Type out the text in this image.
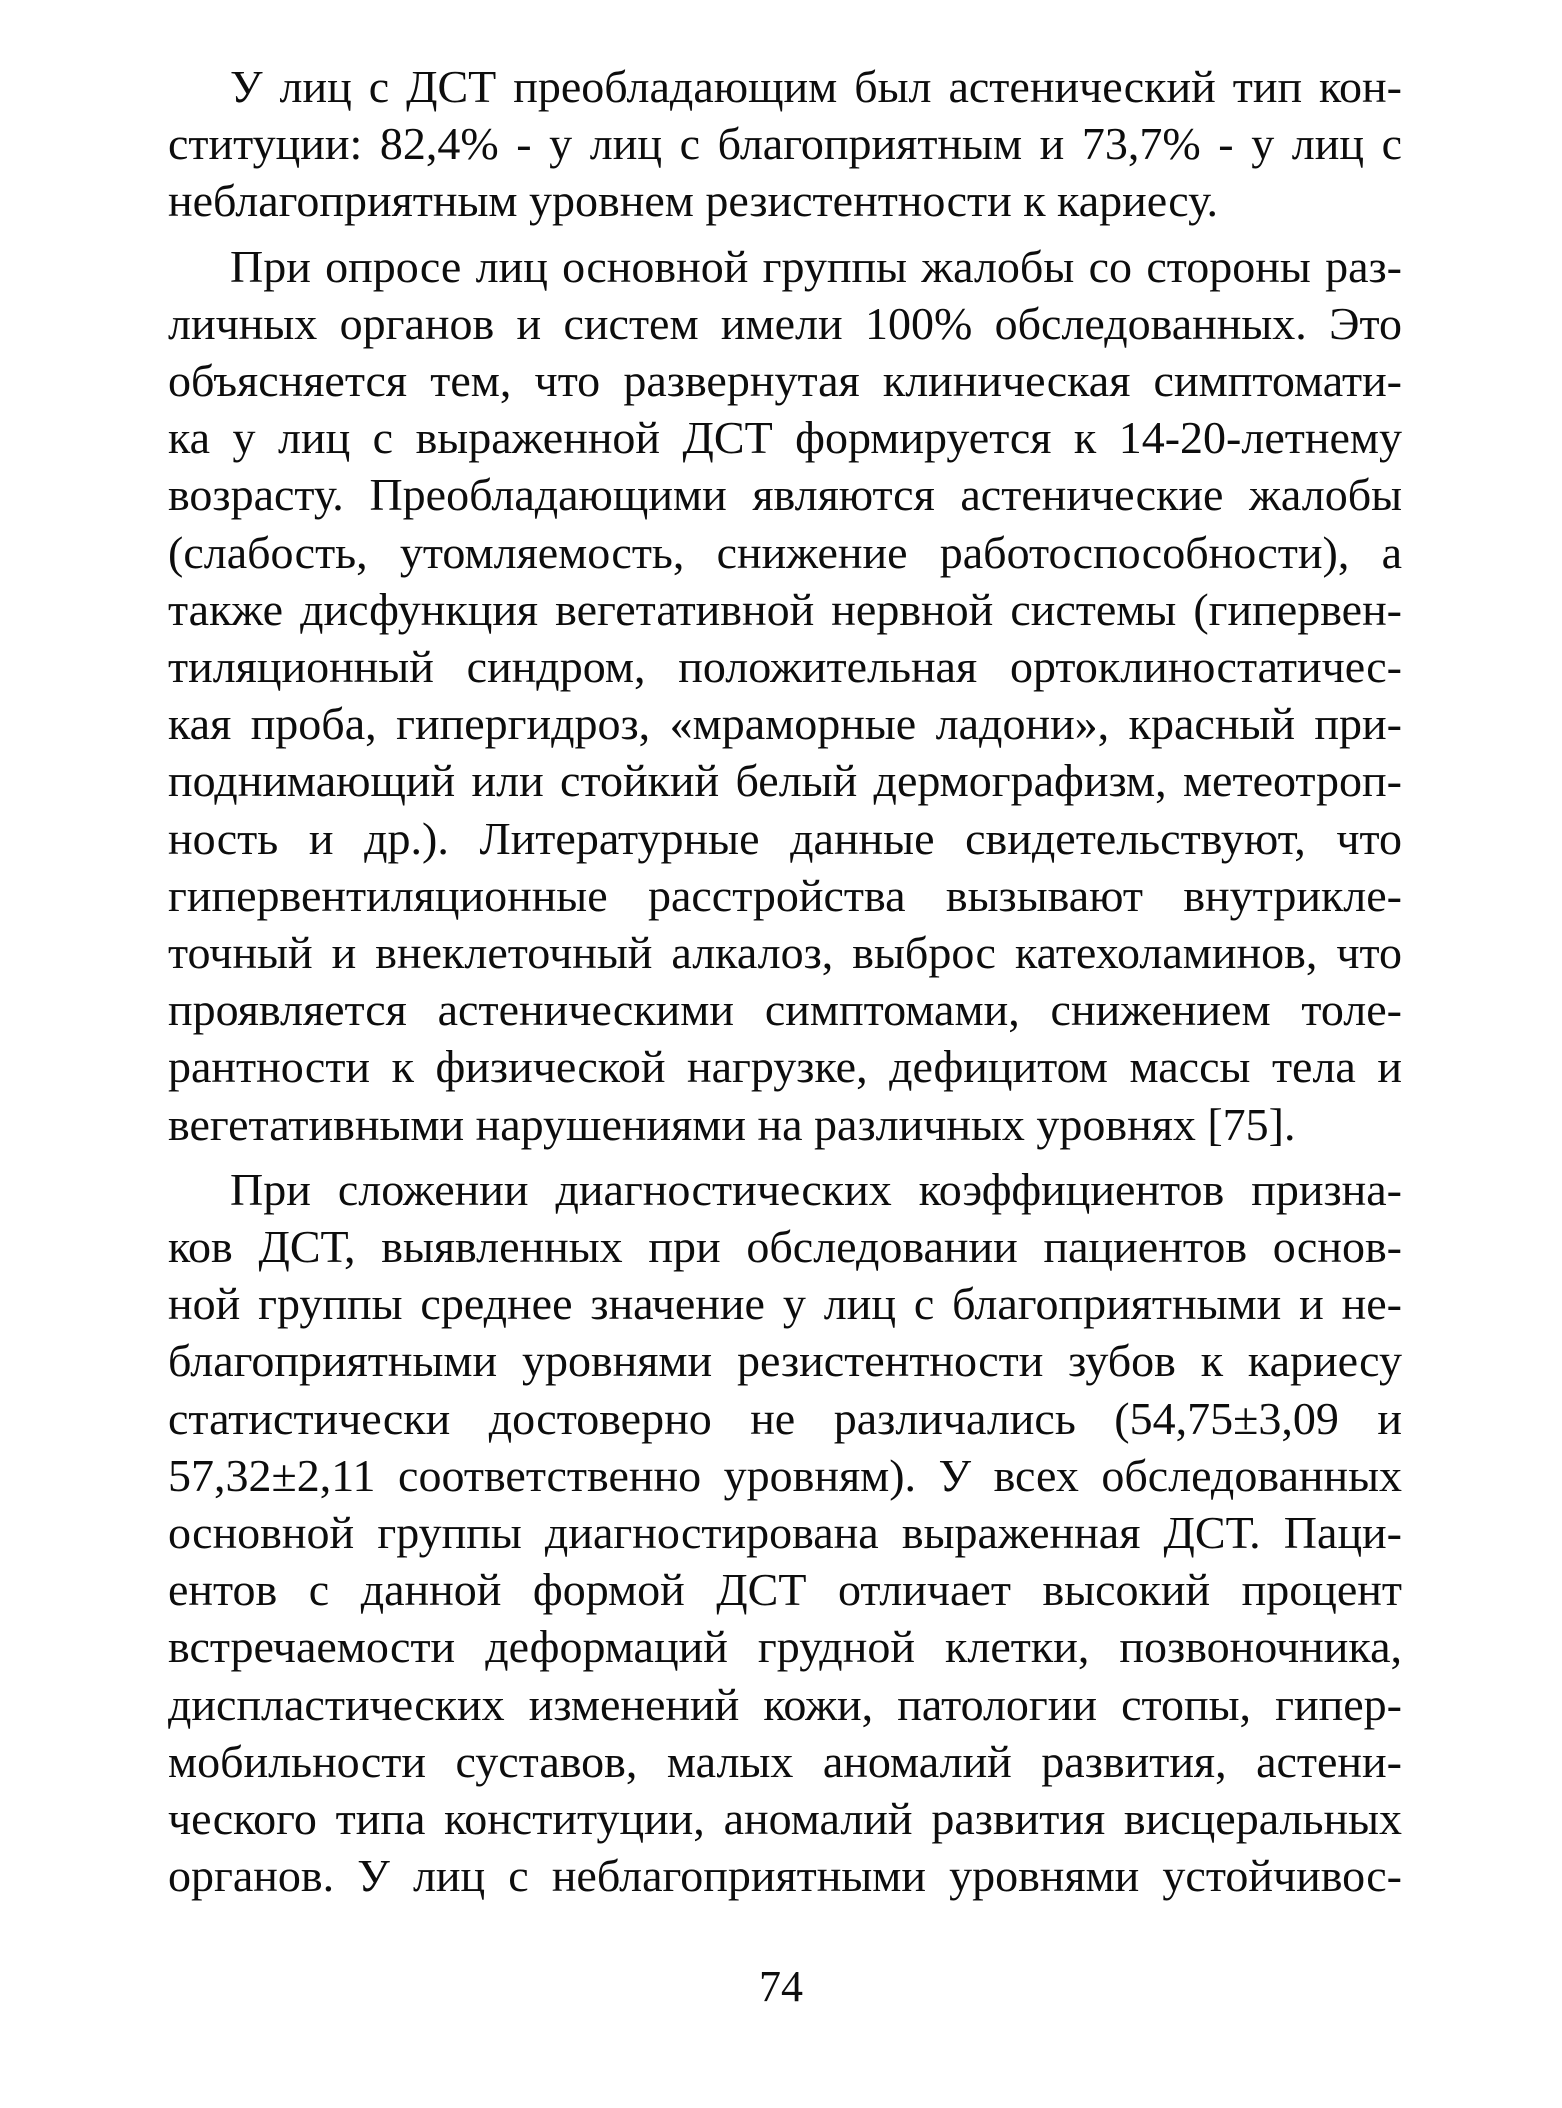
У лиц с ДСТ преобладающим был астенический тип кон-
ституции: 82,4% - у лиц с благоприятным и 73,7% - у лиц с
неблагоприятным уровнем резистентности к кариесу.
При опросе лиц основной группы жалобы со стороны раз-
личных органов и систем имели 100% обследованных. Это
объясняется тем, что развернутая клиническая симптомати-
ка у лиц с выраженной ДСТ формируется к 14-20-летнему
возрасту. Преобладающими являются астенические жалобы
(слабость, утомляемость, снижение работоспособности), а
также дисфункция вегетативной нервной системы (гипервен-
тиляционный синдром, положительная ортоклиностатичес-
кая проба, гипергидроз, «мраморные ладони», красный при-
поднимающий или стойкий белый дермографизм, метеотроп-
ность и др.). Литературные данные свидетельствуют, что
гипервентиляционные расстройства вызывают внутрикле-
точный и внеклеточный алкалоз, выброс катехоламинов, что
проявляется астеническими симптомами, снижением толе-
рантности к физической нагрузке, дефицитом массы тела и
вегетативными нарушениями на различных уровнях [75].
При сложении диагностических коэффициентов призна-
ков ДСТ, выявленных при обследовании пациентов основ-
ной группы среднее значение у лиц с благоприятными и не-
благоприятными уровнями резистентности зубов к кариесу
статистически достоверно не различались (54,75±3,09 и
57,32±2,11 соответственно уровням). У всех обследованных
основной группы диагностирована выраженная ДСТ. Паци-
ентов с данной формой ДСТ отличает высокий процент
встречаемости деформаций грудной клетки, позвоночника,
диспластических изменений кожи, патологии стопы, гипер-
мобильности суставов, малых аномалий развития, астени-
ческого типа конституции, аномалий развития висцеральных
органов. У лиц с неблагоприятными уровнями устойчивос-
74
